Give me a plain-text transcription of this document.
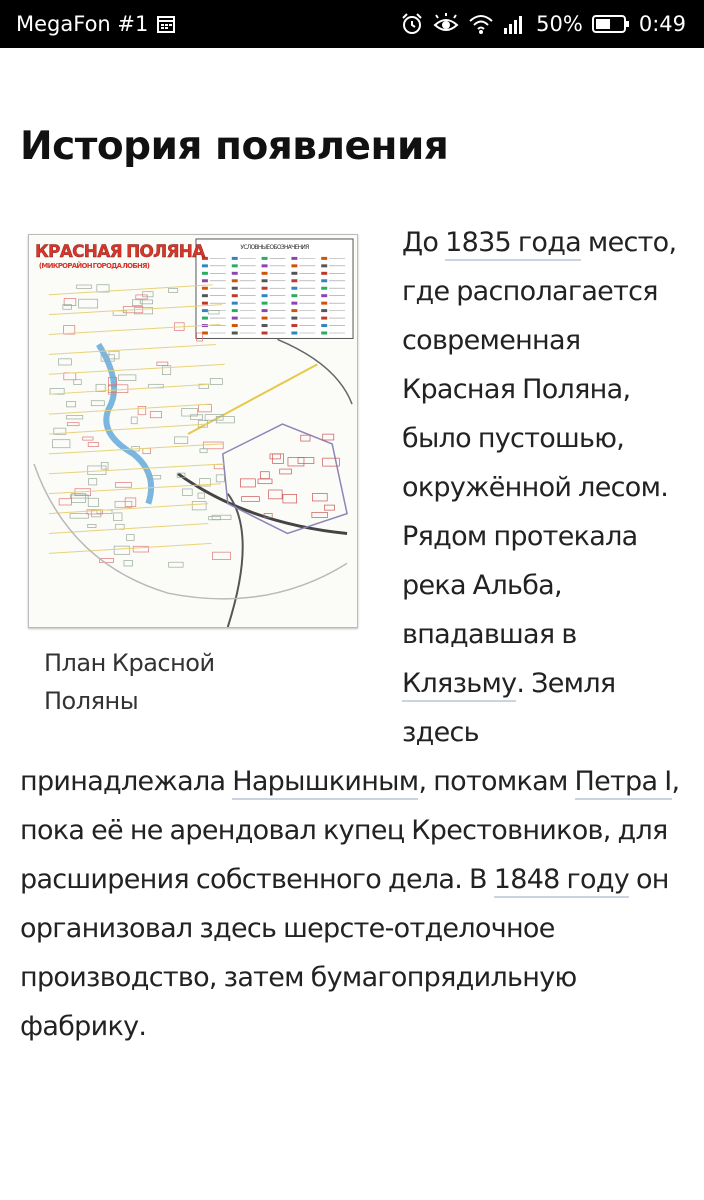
MegaFon #1	50%	0:49
История появления
УСЛОВНЫЕ ОБОЗНАЧЕНИЯ
КРАСНАЯ ПОЛЯНА
(МИКРОРАЙОН ГОРОДА ЛОБНЯ)
План Красной Поляны
До 1835 года место, где располагается современная Красная Поляна, было пустошью, окружённой лесом. Рядом протекала река Альба, впадавшая в Клязьму. Земля здесь принадлежала Нарышкиным, потомкам Петра I, пока её не арендовал купец Крестовников, для расширения собственного дела. В 1848 году он организовал здесь шерсте-отделочное производство, затем бумагопрядильную фабрику.
